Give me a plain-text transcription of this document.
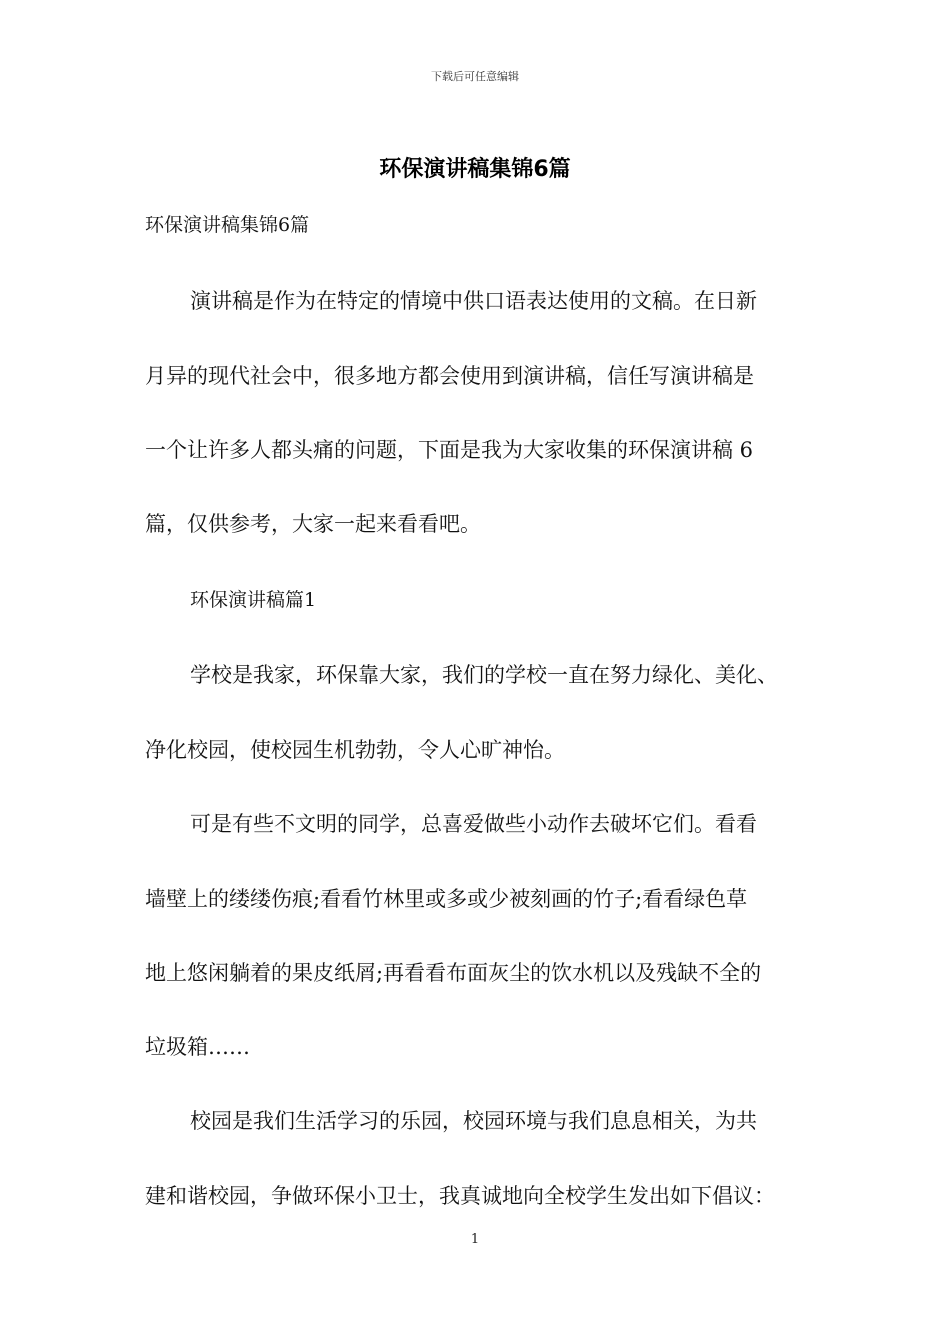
下载后可任意编辑
环保演讲稿集锦6篇
环保演讲稿集锦6篇
演讲稿是作为在特定的情境中供口语表达使用的文稿。在日新
月异的现代社会中，很多地方都会使用到演讲稿，信任写演讲稿是
一个让许多人都头痛的问题，下面是我为大家收集的环保演讲稿 6
篇，仅供参考，大家一起来看看吧。
环保演讲稿篇1
学校是我家，环保靠大家，我们的学校一直在努力绿化、美化、
净化校园，使校园生机勃勃，令人心旷神怡。
可是有些不文明的同学，总喜爱做些小动作去破坏它们。看看
墙壁上的缕缕伤痕;看看竹林里或多或少被刻画的竹子;看看绿色草
地上悠闲躺着的果皮纸屑;再看看布面灰尘的饮水机以及残缺不全的
垃圾箱……
校园是我们生活学习的乐园，校园环境与我们息息相关，为共
建和谐校园，争做环保小卫士，我真诚地向全校学生发出如下倡议：
1
